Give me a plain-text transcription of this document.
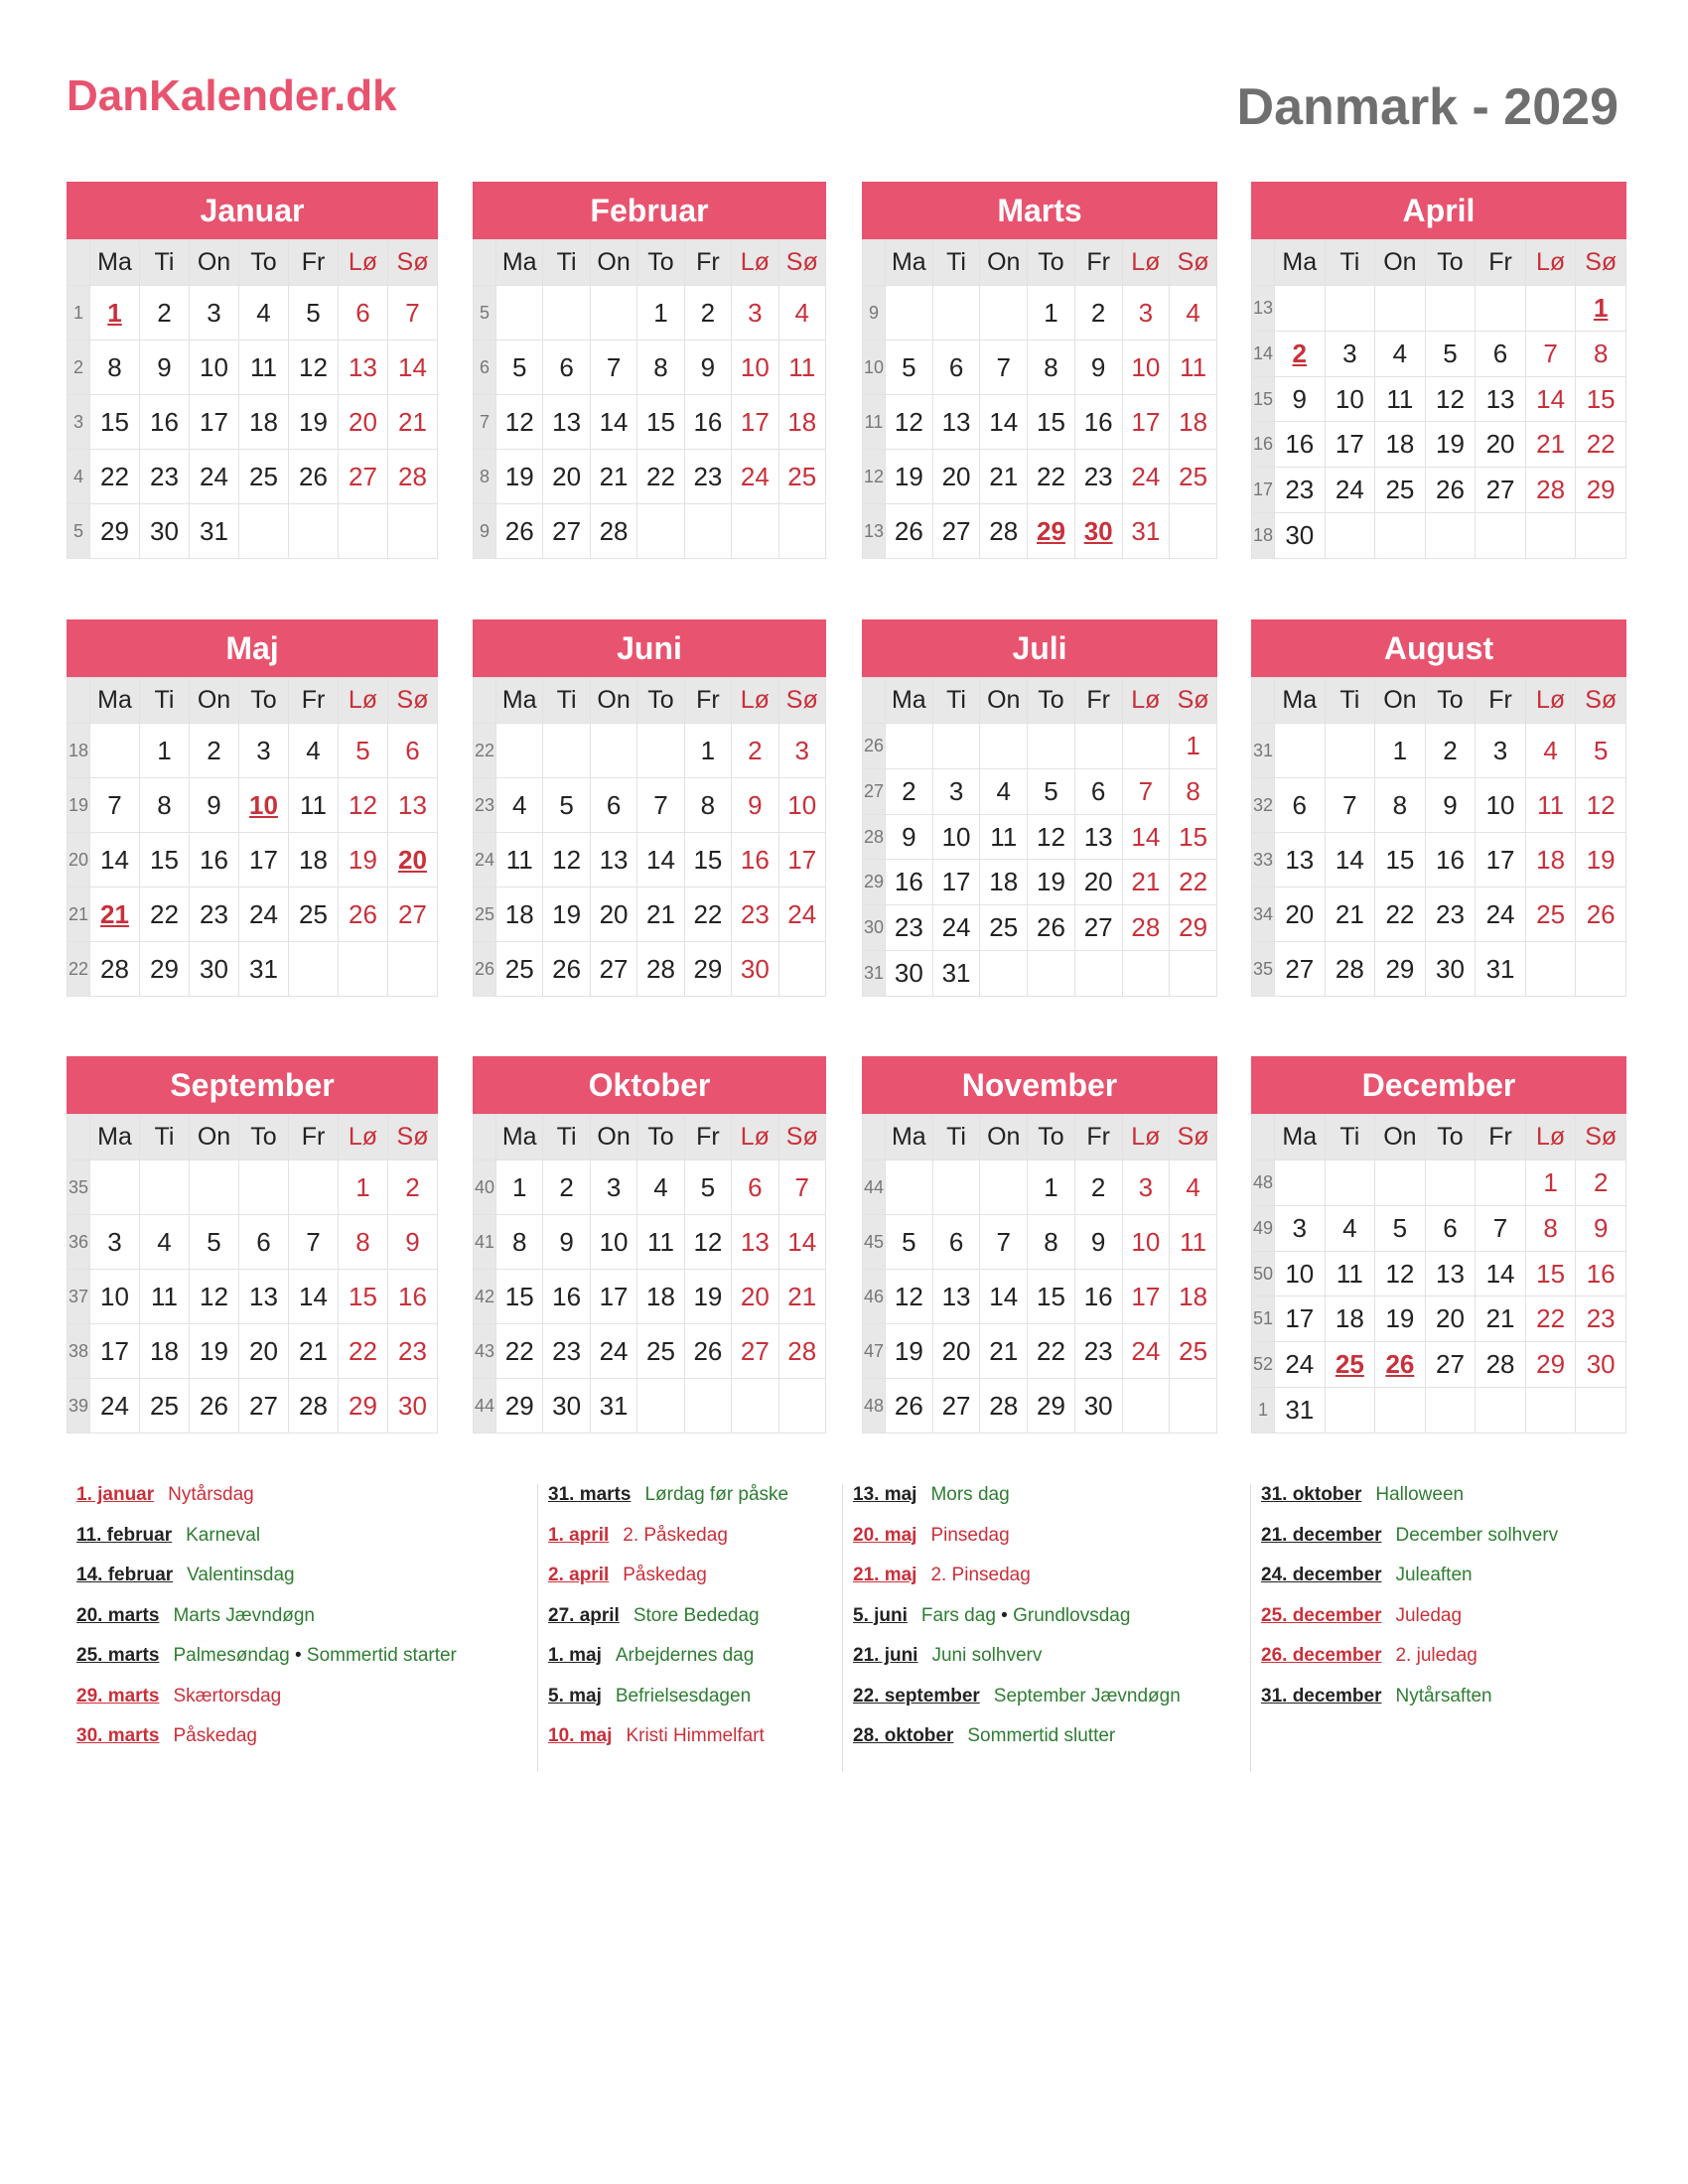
DanKalender.dk	Danmark - 2029
Januar
	Ma	Ti	On	To	Fr	Lø	Sø
1	1	2	3	4	5	6	7
2	8	9	10	11	12	13	14
3	15	16	17	18	19	20	21
4	22	23	24	25	26	27	28
5	29	30	31				
Februar
	Ma	Ti	On	To	Fr	Lø	Sø
5				1	2	3	4
6	5	6	7	8	9	10	11
7	12	13	14	15	16	17	18
8	19	20	21	22	23	24	25
9	26	27	28				
Marts
	Ma	Ti	On	To	Fr	Lø	Sø
9				1	2	3	4
10	5	6	7	8	9	10	11
11	12	13	14	15	16	17	18
12	19	20	21	22	23	24	25
13	26	27	28	29	30	31	
April
	Ma	Ti	On	To	Fr	Lø	Sø
13							1
14	2	3	4	5	6	7	8
15	9	10	11	12	13	14	15
16	16	17	18	19	20	21	22
17	23	24	25	26	27	28	29
18	30						
Maj
	Ma	Ti	On	To	Fr	Lø	Sø
18		1	2	3	4	5	6
19	7	8	9	10	11	12	13
20	14	15	16	17	18	19	20
21	21	22	23	24	25	26	27
22	28	29	30	31			
Juni
	Ma	Ti	On	To	Fr	Lø	Sø
22					1	2	3
23	4	5	6	7	8	9	10
24	11	12	13	14	15	16	17
25	18	19	20	21	22	23	24
26	25	26	27	28	29	30	
Juli
	Ma	Ti	On	To	Fr	Lø	Sø
26							1
27	2	3	4	5	6	7	8
28	9	10	11	12	13	14	15
29	16	17	18	19	20	21	22
30	23	24	25	26	27	28	29
31	30	31					
August
	Ma	Ti	On	To	Fr	Lø	Sø
31			1	2	3	4	5
32	6	7	8	9	10	11	12
33	13	14	15	16	17	18	19
34	20	21	22	23	24	25	26
35	27	28	29	30	31		
September
	Ma	Ti	On	To	Fr	Lø	Sø
35						1	2
36	3	4	5	6	7	8	9
37	10	11	12	13	14	15	16
38	17	18	19	20	21	22	23
39	24	25	26	27	28	29	30
Oktober
	Ma	Ti	On	To	Fr	Lø	Sø
40	1	2	3	4	5	6	7
41	8	9	10	11	12	13	14
42	15	16	17	18	19	20	21
43	22	23	24	25	26	27	28
44	29	30	31				
November
	Ma	Ti	On	To	Fr	Lø	Sø
44				1	2	3	4
45	5	6	7	8	9	10	11
46	12	13	14	15	16	17	18
47	19	20	21	22	23	24	25
48	26	27	28	29	30		
December
	Ma	Ti	On	To	Fr	Lø	Sø
48						1	2
49	3	4	5	6	7	8	9
50	10	11	12	13	14	15	16
51	17	18	19	20	21	22	23
52	24	25	26	27	28	29	30
1	31						
1. januar Nytårsdag
11. februar Karneval
14. februar Valentinsdag
20. marts Marts Jævndøgn
25. marts Palmesøndag • Sommertid starter
29. marts Skærtorsdag
30. marts Påskedag
31. marts Lørdag før påske
1. april 2. Påskedag
2. april Påskedag
27. april Store Bededag
1. maj Arbejdernes dag
5. maj Befrielsesdagen
10. maj Kristi Himmelfart
13. maj Mors dag
20. maj Pinsedag
21. maj 2. Pinsedag
5. juni Fars dag • Grundlovsdag
21. juni Juni solhverv
22. september September Jævndøgn
28. oktober Sommertid slutter
31. oktober Halloween
21. december December solhverv
24. december Juleaften
25. december Juledag
26. december 2. juledag
31. december Nytårsaften
